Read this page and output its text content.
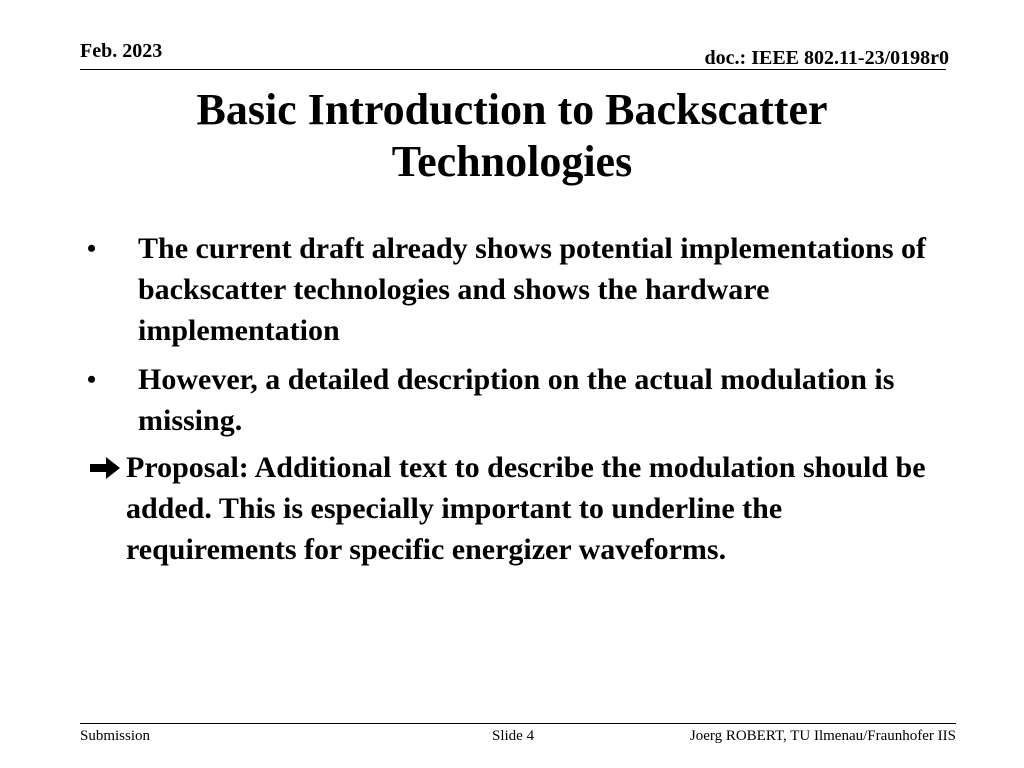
Feb. 2023	doc.: IEEE 802.11-23/0198r0
Basic Introduction to Backscatter Technologies
• The current draft already shows potential implementations of backscatter technologies and shows the hardware implementation
• However, a detailed description on the actual modulation is missing.
Proposal: Additional text to describe the modulation should be added. This is especially important to underline the requirements for specific energizer waveforms.
Submission	Slide 4	Joerg ROBERT, TU Ilmenau/Fraunhofer IIS
